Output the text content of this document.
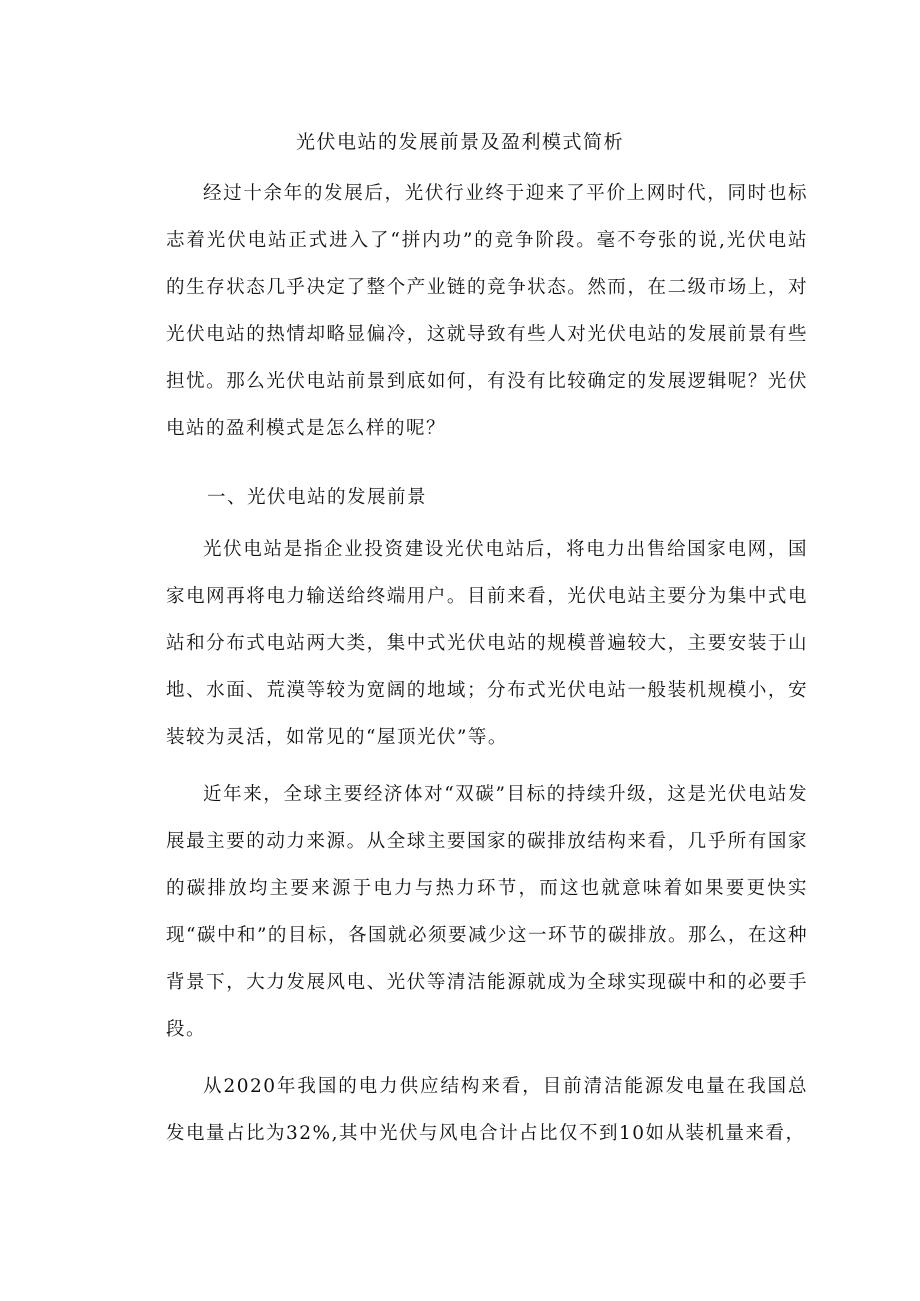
光伏电站的发展前景及盈利模式简析

经过十余年的发展后，光伏行业终于迎来了平价上网时代，同时也标志着光伏电站正式进入了“拼内功”的竞争阶段。毫不夸张的说,光伏电站的生存状态几乎决定了整个产业链的竞争状态。然而，在二级市场上，对光伏电站的热情却略显偏冷，这就导致有些人对光伏电站的发展前景有些担忧。那么光伏电站前景到底如何，有没有比较确定的发展逻辑呢？光伏电站的盈利模式是怎么样的呢？

一、光伏电站的发展前景

光伏电站是指企业投资建设光伏电站后，将电力出售给国家电网，国家电网再将电力输送给终端用户。目前来看，光伏电站主要分为集中式电站和分布式电站两大类，集中式光伏电站的规模普遍较大，主要安装于山地、水面、荒漠等较为宽阔的地域；分布式光伏电站一般装机规模小，安装较为灵活，如常见的“屋顶光伏”等。

近年来，全球主要经济体对“双碳”目标的持续升级，这是光伏电站发展最主要的动力来源。从全球主要国家的碳排放结构来看，几乎所有国家的碳排放均主要来源于电力与热力环节，而这也就意味着如果要更快实现“碳中和”的目标，各国就必须要减少这一环节的碳排放。那么，在这种背景下，大力发展风电、光伏等清洁能源就成为全球实现碳中和的必要手段。

从2020年我国的电力供应结构来看，目前清洁能源发电量在我国总发电量占比为32%,其中光伏与风电合计占比仅不到10如从装机量来看，
